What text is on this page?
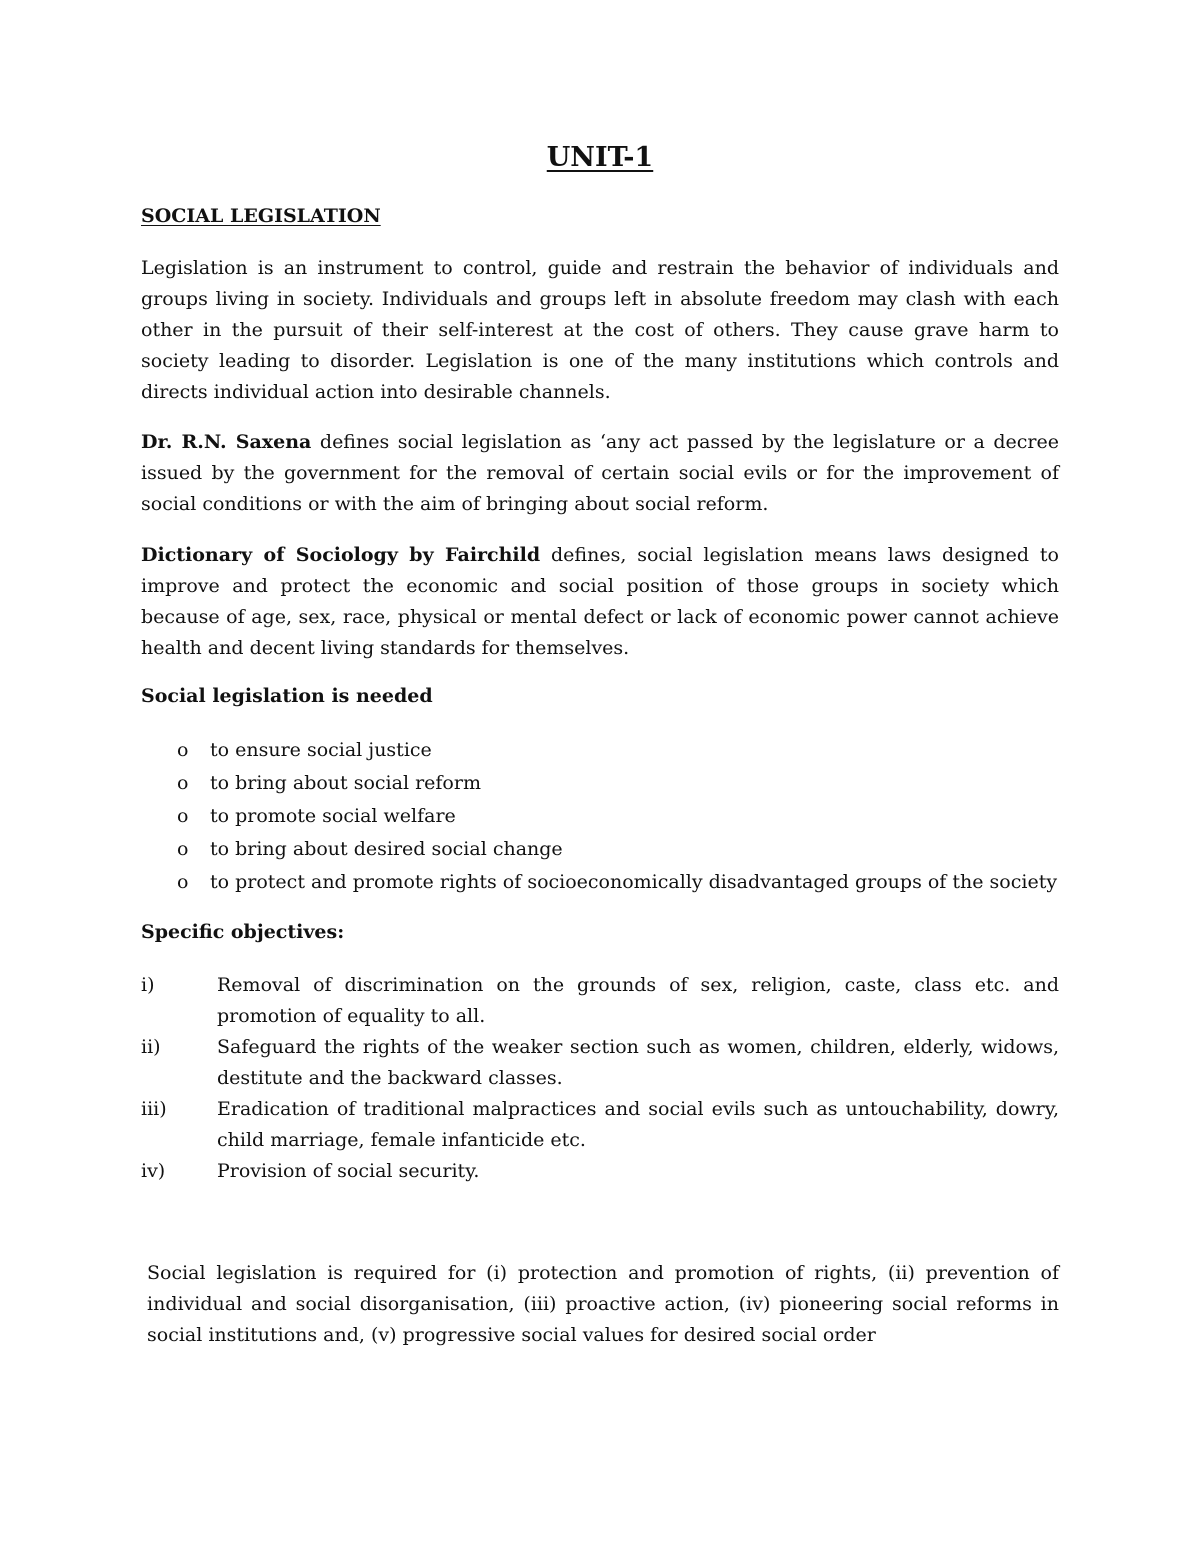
UNIT-1
SOCIAL LEGISLATION

Legislation is an instrument to control, guide and restrain the behavior of individuals and groups living in society. Individuals and groups left in absolute freedom may clash with each other in the pursuit of their self-interest at the cost of others. They cause grave harm to society leading to disorder. Legislation is one of the many institutions which controls and directs individual action into desirable channels.

Dr. R.N. Saxena defines social legislation as ‘any act passed by the legislature or a decree issued by the government for the removal of certain social evils or for the improvement of social conditions or with the aim of bringing about social reform.

Dictionary of Sociology by Fairchild defines, social legislation means laws designed to improve and protect the economic and social position of those groups in society which because of age, sex, race, physical or mental defect or lack of economic power cannot achieve health and decent living standards for themselves.

Social legislation is needed
o to ensure social justice
o to bring about social reform
o to promote social welfare
o to bring about desired social change
o to protect and promote rights of socioeconomically disadvantaged groups of the society
Specific objectives:
i)	Removal of discrimination on the grounds of sex, religion, caste, class etc. and promotion of equality to all.
ii)	Safeguard the rights of the weaker section such as women, children, elderly, widows, destitute and the backward classes.
iii)	Eradication of traditional malpractices and social evils such as untouchability, dowry, child marriage, female infanticide etc.
iv)	Provision of social security.

Social legislation is required for (i) protection and promotion of rights, (ii) prevention of individual and social disorganisation, (iii) proactive action, (iv) pioneering social reforms in social institutions and, (v) progressive social values for desired social order
